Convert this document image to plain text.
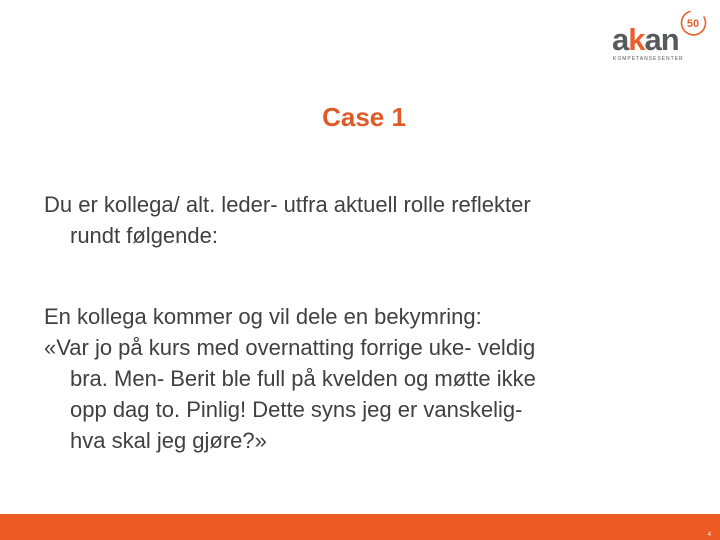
akan
KOMPETANSESENTER
50
Case 1

Du er kollega/ alt. leder- utfra aktuell rolle reflekter
rundt følgende:

En kollega kommer og vil dele en bekymring:
«Var jo på kurs med overnatting forrige uke- veldig
bra. Men- Berit ble full på kvelden og møtte ikke
opp dag to. Pinlig! Dette syns jeg er vanskelig-
hva skal jeg gjøre?»

4
